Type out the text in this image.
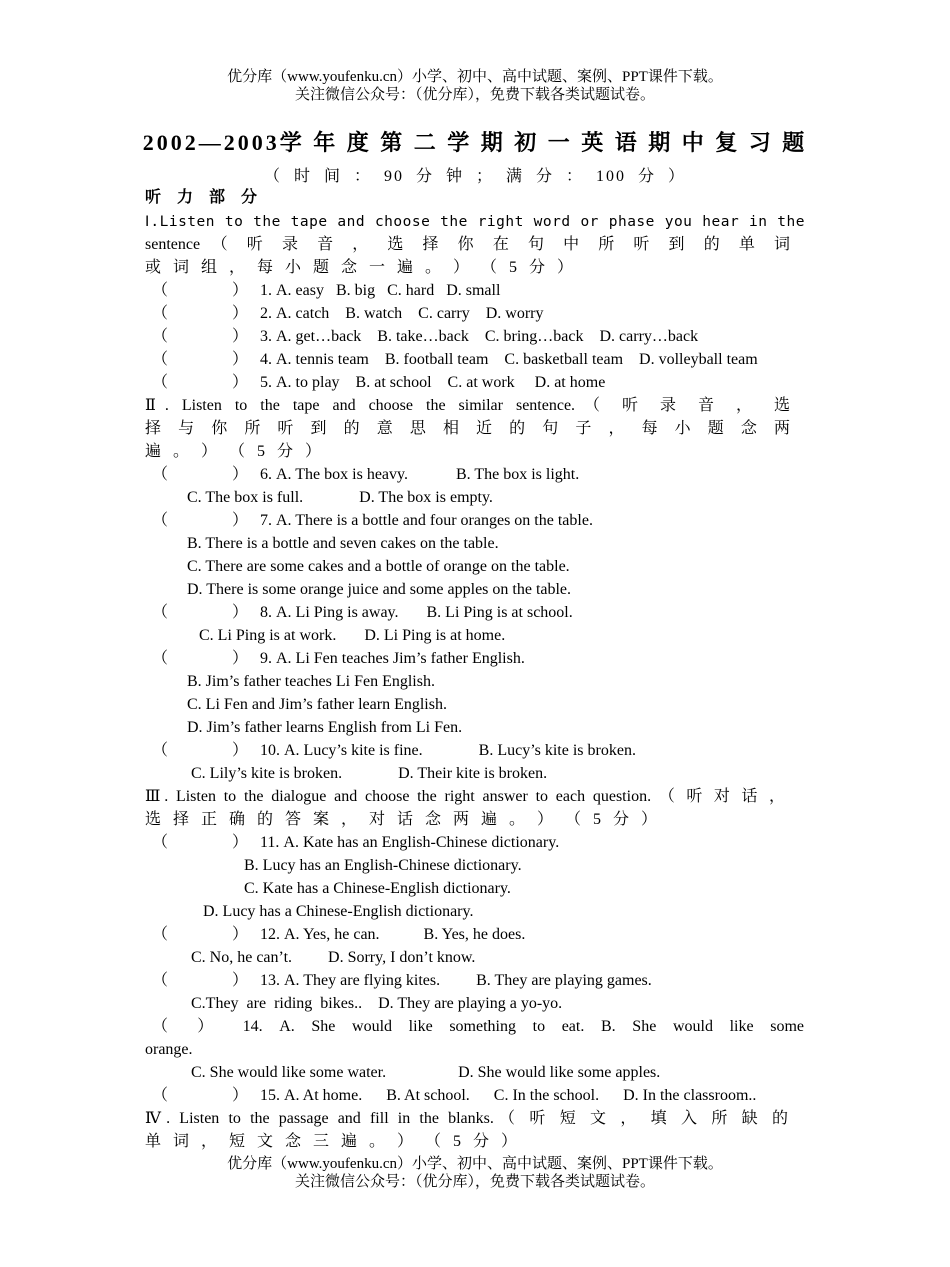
优分库（www.youfenku.cn）小学、初中、高中试题、案例、PPT课件下载。
关注微信公众号：（优分库），免费下载各类试题试卷。
2002—2003学 年 度 第 二 学 期 初 一 英 语 期 中 复 习 题
（ 时 间 ： 90 分 钟 ； 满 分 ： 100 分 ）
听 力 部 分
Ⅰ.Listen to the tape and choose the right word or phase you hear in the
sentence （ 听 录 音 ， 选 择 你 在 句 中 所 听 到 的 单 词
或 词 组 ， 每 小 题 念 一 遍 。 ） （ 5 分 ）
（                ）   1. A. easy   B. big   C. hard   D. small
（                ）   2. A. catch    B. watch    C. carry    D. worry
（                ）   3. A. get…back    B. take…back    C. bring…back    D. carry…back
（                ）   4. A. tennis team    B. football team    C. basketball team    D. volleyball team
（                ）   5. A. to play    B. at school    C. at work     D. at home
Ⅱ. Listen to the tape and choose the similar sentence.（ 听 录 音 ， 选
择 与 你 所 听 到 的 意 思 相 近 的 句 子 ， 每 小 题 念 两
遍 。 ） （ 5 分 ）
（                ）   6. A. The box is heavy.            B. The box is light.
C. The box is full.              D. The box is empty.
（                ）   7. A. There is a bottle and four oranges on the table.
B. There is a bottle and seven cakes on the table.
C. There are some cakes and a bottle of orange on the table.
D. There is some orange juice and some apples on the table.
（                ）   8. A. Li Ping is away.       B. Li Ping is at school.
C. Li Ping is at work.       D. Li Ping is at home.
（                ）   9. A. Li Fen teaches Jim’s father English.
B. Jim’s father teaches Li Fen English.
C. Li Fen and Jim’s father learn English.
D. Jim’s father learns English from Li Fen.
（                ）   10. A. Lucy’s kite is fine.              B. Lucy’s kite is broken.
C. Lily’s kite is broken.              D. Their kite is broken.
Ⅲ. Listen to the dialogue and choose the right answer to each question. （ 听 对 话 ，
选 择 正 确 的 答 案 ， 对 话 念 两 遍 。 ） （ 5 分 ）
（                ）   11. A. Kate has an English-Chinese dictionary.
B. Lucy has an English-Chinese dictionary.
C. Kate has a Chinese-English dictionary.
D. Lucy has a Chinese-English dictionary.
（                ）   12. A. Yes, he can.           B. Yes, he does.
C. No, he can’t.         D. Sorry, I don’t know.
（                ）   13. A. They are flying kites.         B. They are playing games.
C.They  are  riding  bikes..    D. They are playing a yo-yo.
（ ） 14. A. She would like something to eat. B. She would like some
orange.
C. She would like some water.                  D. She would like some apples.
（                ）   15. A. At home.      B. At school.      C. In the school.      D. In the classroom..
Ⅳ. Listen to the passage and fill in the blanks.（ 听 短 文 ， 填 入 所 缺 的
单 词 ， 短 文 念 三 遍 。 ） （ 5 分 ）
优分库（www.youfenku.cn）小学、初中、高中试题、案例、PPT课件下载。
关注微信公众号：（优分库），免费下载各类试题试卷。
